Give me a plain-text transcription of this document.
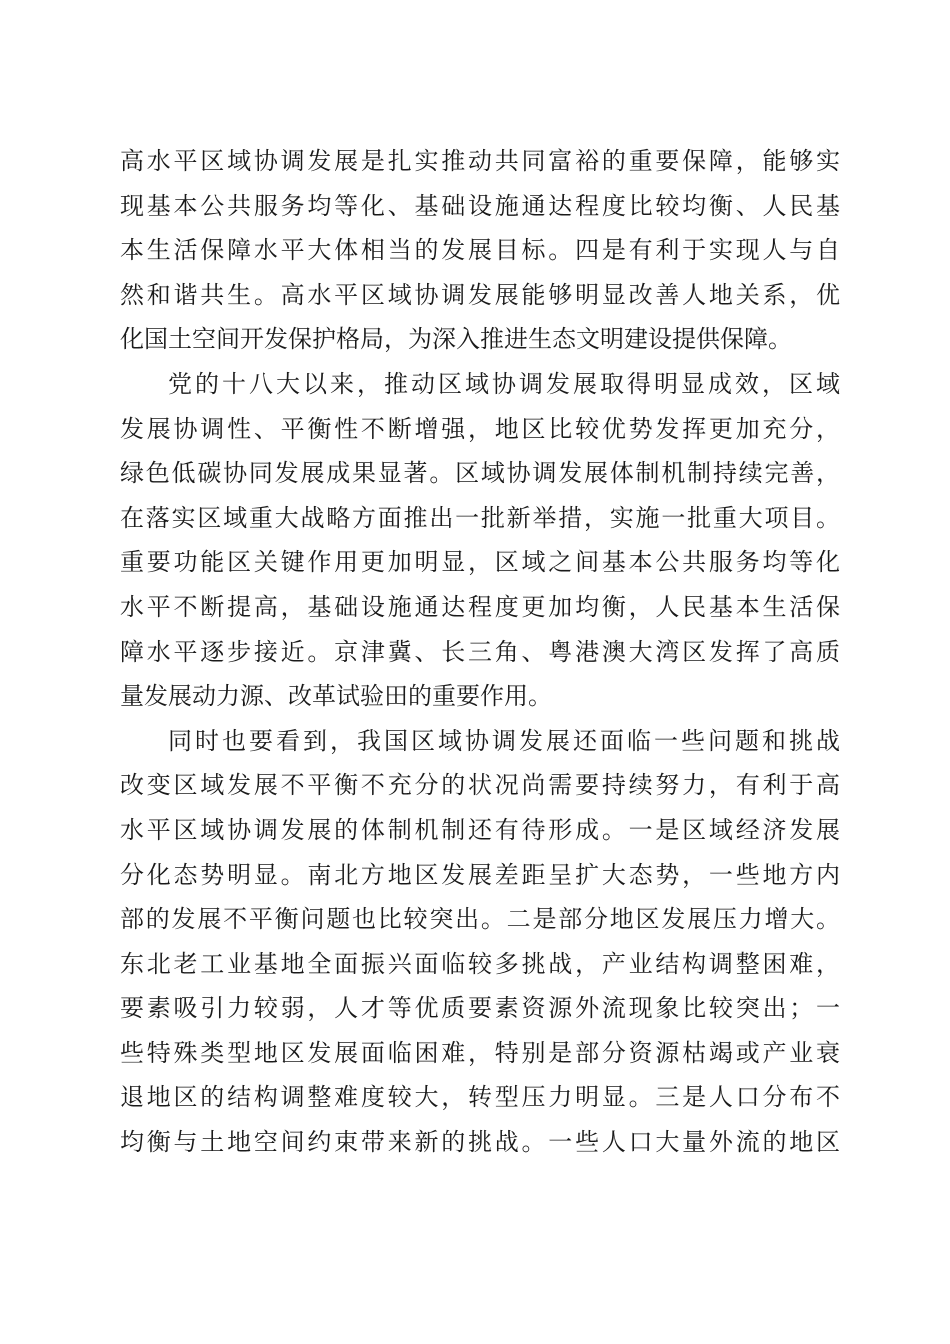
高水平区域协调发展是扎实推动共同富裕的重要保障，能够实
现基本公共服务均等化、基础设施通达程度比较均衡、人民基
本生活保障水平大体相当的发展目标。四是有利于实现人与自
然和谐共生。高水平区域协调发展能够明显改善人地关系，优
化国土空间开发保护格局，为深入推进生态文明建设提供保障。
党的十八大以来，推动区域协调发展取得明显成效，区域
发展协调性、平衡性不断增强，地区比较优势发挥更加充分，
绿色低碳协同发展成果显著。区域协调发展体制机制持续完善，
在落实区域重大战略方面推出一批新举措，实施一批重大项目。
重要功能区关键作用更加明显，区域之间基本公共服务均等化
水平不断提高，基础设施通达程度更加均衡，人民基本生活保
障水平逐步接近。京津冀、长三角、粤港澳大湾区发挥了高质
量发展动力源、改革试验田的重要作用。
同时也要看到，我国区域协调发展还面临一些问题和挑战
改变区域发展不平衡不充分的状况尚需要持续努力，有利于高
水平区域协调发展的体制机制还有待形成。一是区域经济发展
分化态势明显。南北方地区发展差距呈扩大态势，一些地方内
部的发展不平衡问题也比较突出。二是部分地区发展压力增大。
东北老工业基地全面振兴面临较多挑战，产业结构调整困难，
要素吸引力较弱，人才等优质要素资源外流现象比较突出；一
些特殊类型地区发展面临困难，特别是部分资源枯竭或产业衰
退地区的结构调整难度较大，转型压力明显。三是人口分布不
均衡与土地空间约束带来新的挑战。一些人口大量外流的地区
